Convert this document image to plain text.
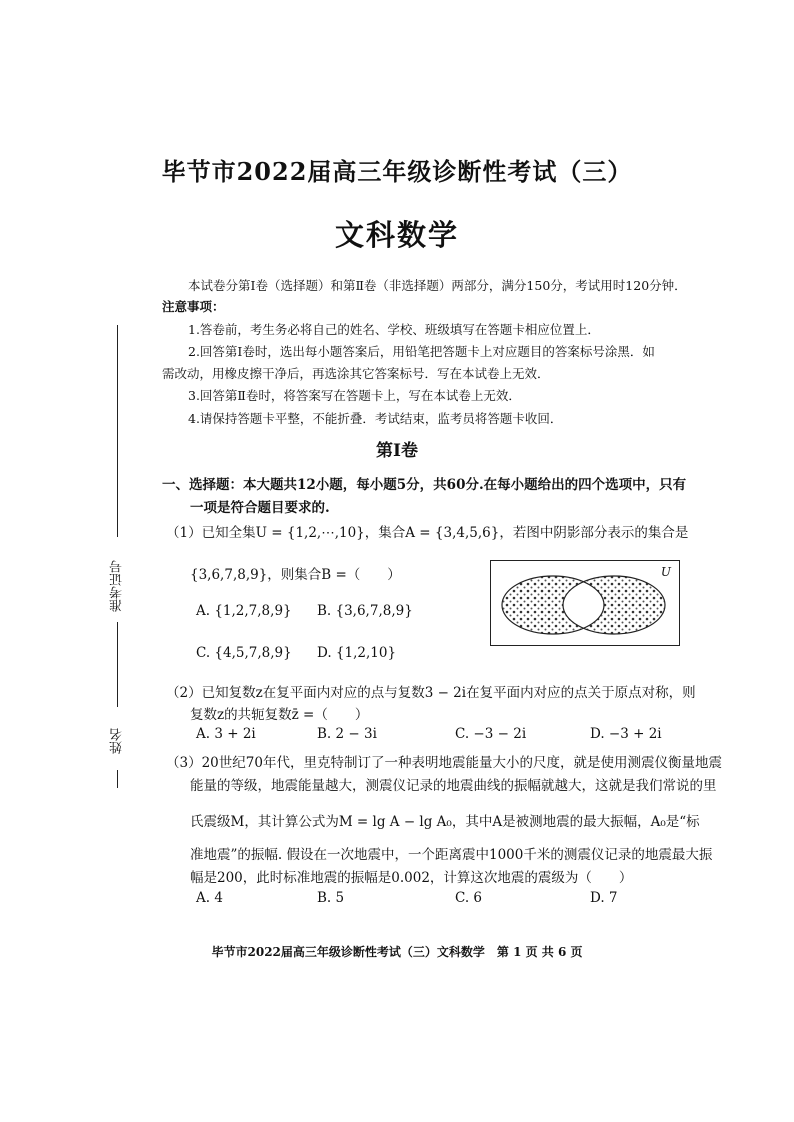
准考证号
姓名
毕节市2022届高三年级诊断性考试（三）
文科数学
本试卷分第Ⅰ卷（选择题）和第Ⅱ卷（非选择题）两部分，满分150分，考试用时120分钟．
注意事项：
1.答卷前，考生务必将自己的姓名、学校、班级填写在答题卡相应位置上．
2.回答第Ⅰ卷时，选出每小题答案后，用铅笔把答题卡上对应题目的答案标号涂黑．如
需改动，用橡皮擦干净后，再选涂其它答案标号．写在本试卷上无效．
3.回答第Ⅱ卷时，将答案写在答题卡上，写在本试卷上无效．
4.请保持答题卡平整，不能折叠．考试结束，监考员将答题卡收回．
第Ⅰ卷
一、选择题：本大题共12小题，每小题5分，共60分.在每小题给出的四个选项中，只有
一项是符合题目要求的.
（1）已知全集U = {1,2,⋯,10}，集合A = {3,4,5,6}，若图中阴影部分表示的集合是
{3,6,7,8,9}，则集合B =（　　）
A. {1,2,7,8,9} B. {3,6,7,8,9}
C. {4,5,7,8,9} D. {1,2,10}
U
（2）已知复数z在复平面内对应的点与复数3 − 2i在复平面内对应的点关于原点对称，则
复数z的共轭复数z̄ =（　　）
A. 3 + 2i	B. 2 − 3i	C. −3 − 2i	D. −3 + 2i
（3）20世纪70年代，里克特制订了一种表明地震能量大小的尺度，就是使用测震仪衡量地震
能量的等级，地震能量越大，测震仪记录的地震曲线的振幅就越大，这就是我们常说的里
氏震级M，其计算公式为M = lg A − lg A₀，其中A是被测地震的最大振幅，A₀是“标
准地震”的振幅. 假设在一次地震中，一个距离震中1000千米的测震仪记录的地震最大振
幅是200，此时标准地震的振幅是0.002，计算这次地震的震级为（　　）
A. 4	B. 5	C. 6	D. 7
毕节市2022届高三年级诊断性考试（三）文科数学　第 1 页 共 6 页
